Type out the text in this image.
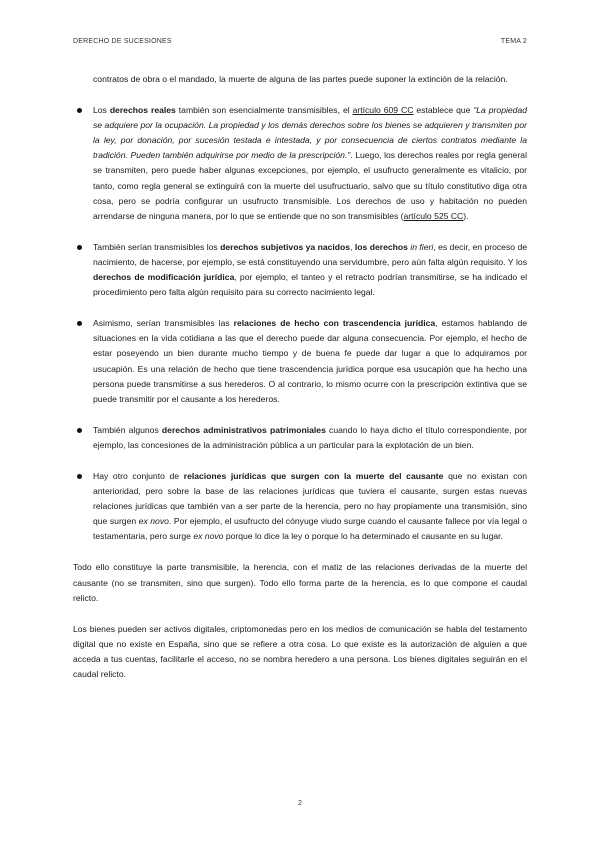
DERECHO DE SUCESIONES	TEMA 2
contratos de obra o el mandado, la muerte de alguna de las partes puede suponer la extinción de la relación.
Los derechos reales también son esencialmente transmisibles, el artículo 609 CC establece que “La propiedad se adquiere por la ocupación. La propiedad y los demás derechos sobre los bienes se adquieren y transmiten por la ley, por donación, por sucesión testada e intestada, y por consecuencia de ciertos contratos mediante la tradición. Pueden también adquirirse por medio de la prescripción.”. Luego, los derechos reales por regla general se transmiten, pero puede haber algunas excepciones, por ejemplo, el usufructo generalmente es vitalicio, por tanto, como regla general se extinguirá con la muerte del usufructuario, salvo que su título constitutivo diga otra cosa, pero se podría configurar un usufructo transmisible. Los derechos de uso y habitación no pueden arrendarse de ninguna manera, por lo que se entiende que no son transmisibles (artículo 525 CC).
También serían transmisibles los derechos subjetivos ya nacidos, los derechos in fieri, es decir, en proceso de nacimiento, de hacerse, por ejemplo, se está constituyendo una servidumbre, pero aún falta algún requisito. Y los derechos de modificación jurídica, por ejemplo, el tanteo y el retracto podrían transmitirse, se ha indicado el procedimiento pero falta algún requisito para su correcto nacimiento legal.
Asimismo, serían transmisibles las relaciones de hecho con trascendencia jurídica, estamos hablando de situaciones en la vida cotidiana a las que el derecho puede dar alguna consecuencia. Por ejemplo, el hecho de estar poseyendo un bien durante mucho tiempo y de buena fe puede dar lugar a que lo adquiramos por usucapión. Es una relación de hecho que tiene trascendencia jurídica porque esa usucapión que ha hecho una persona puede transmitirse a sus herederos. O al contrario, lo mismo ocurre con la prescripción extintiva que se puede transmitir por el causante a los herederos.
También algunos derechos administrativos patrimoniales cuando lo haya dicho el título correspondiente, por ejemplo, las concesiones de la administración pública a un particular para la explotación de un bien.
Hay otro conjunto de relaciones jurídicas que surgen con la muerte del causante que no existan con anterioridad, pero sobre la base de las relaciones jurídicas que tuviera el causante, surgen estas nuevas relaciones jurídicas que también van a ser parte de la herencia, pero no hay propiamente una transmisión, sino que surgen ex novo. Por ejemplo, el usufructo del cónyuge viudo surge cuando el causante fallece por vía legal o testamentaria, pero surge ex novo porque lo dice la ley o porque lo ha determinado el causante en su lugar.

Todo ello constituye la parte transmisible, la herencia, con el matiz de las relaciones derivadas de la muerte del causante (no se transmiten, sino que surgen). Todo ello forma parte de la herencia, es lo que compone el caudal relicto.

Los bienes pueden ser activos digitales, criptomonedas pero en los medios de comunicación se habla del testamento digital que no existe en España, sino que se refiere a otra cosa. Lo que existe es la autorización de alguien a que acceda a tus cuentas, facilitarle el acceso, no se nombra heredero a una persona. Los bienes digitales seguirán en el caudal relicto.

2
